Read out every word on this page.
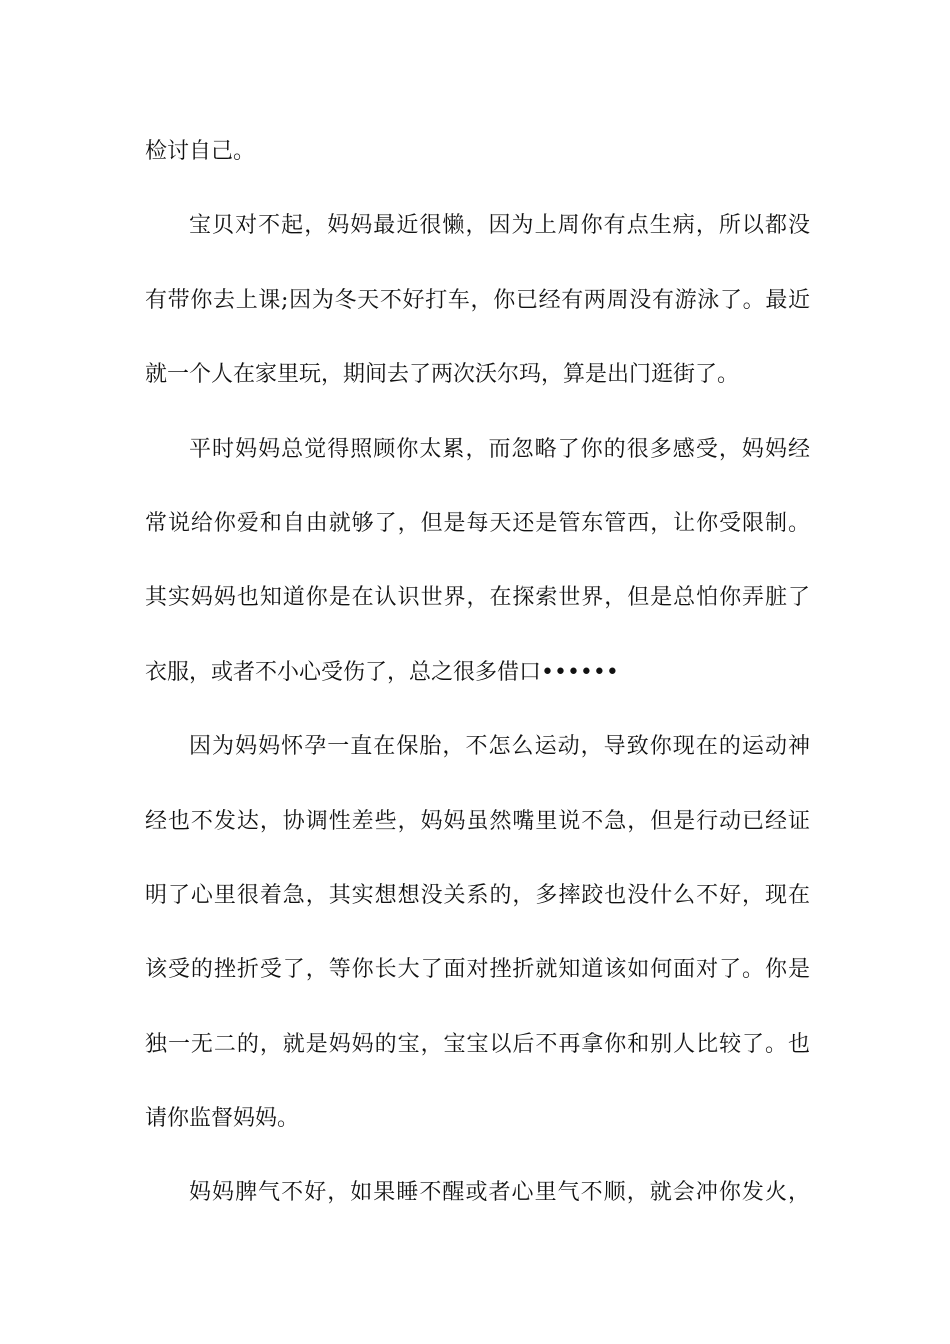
检讨自己。
宝贝对不起，妈妈最近很懒，因为上周你有点生病，所以都没
有带你去上课;因为冬天不好打车，你已经有两周没有游泳了。最近
就一个人在家里玩，期间去了两次沃尔玛，算是出门逛街了。
平时妈妈总觉得照顾你太累，而忽略了你的很多感受，妈妈经
常说给你爱和自由就够了，但是每天还是管东管西，让你受限制。
其实妈妈也知道你是在认识世界，在探索世界，但是总怕你弄脏了
衣服，或者不小心受伤了，总之很多借口••••••
因为妈妈怀孕一直在保胎，不怎么运动，导致你现在的运动神
经也不发达，协调性差些，妈妈虽然嘴里说不急，但是行动已经证
明了心里很着急，其实想想没关系的，多摔跤也没什么不好，现在
该受的挫折受了，等你长大了面对挫折就知道该如何面对了。你是
独一无二的，就是妈妈的宝，宝宝以后不再拿你和别人比较了。也
请你监督妈妈。
妈妈脾气不好，如果睡不醒或者心里气不顺，就会冲你发火，
